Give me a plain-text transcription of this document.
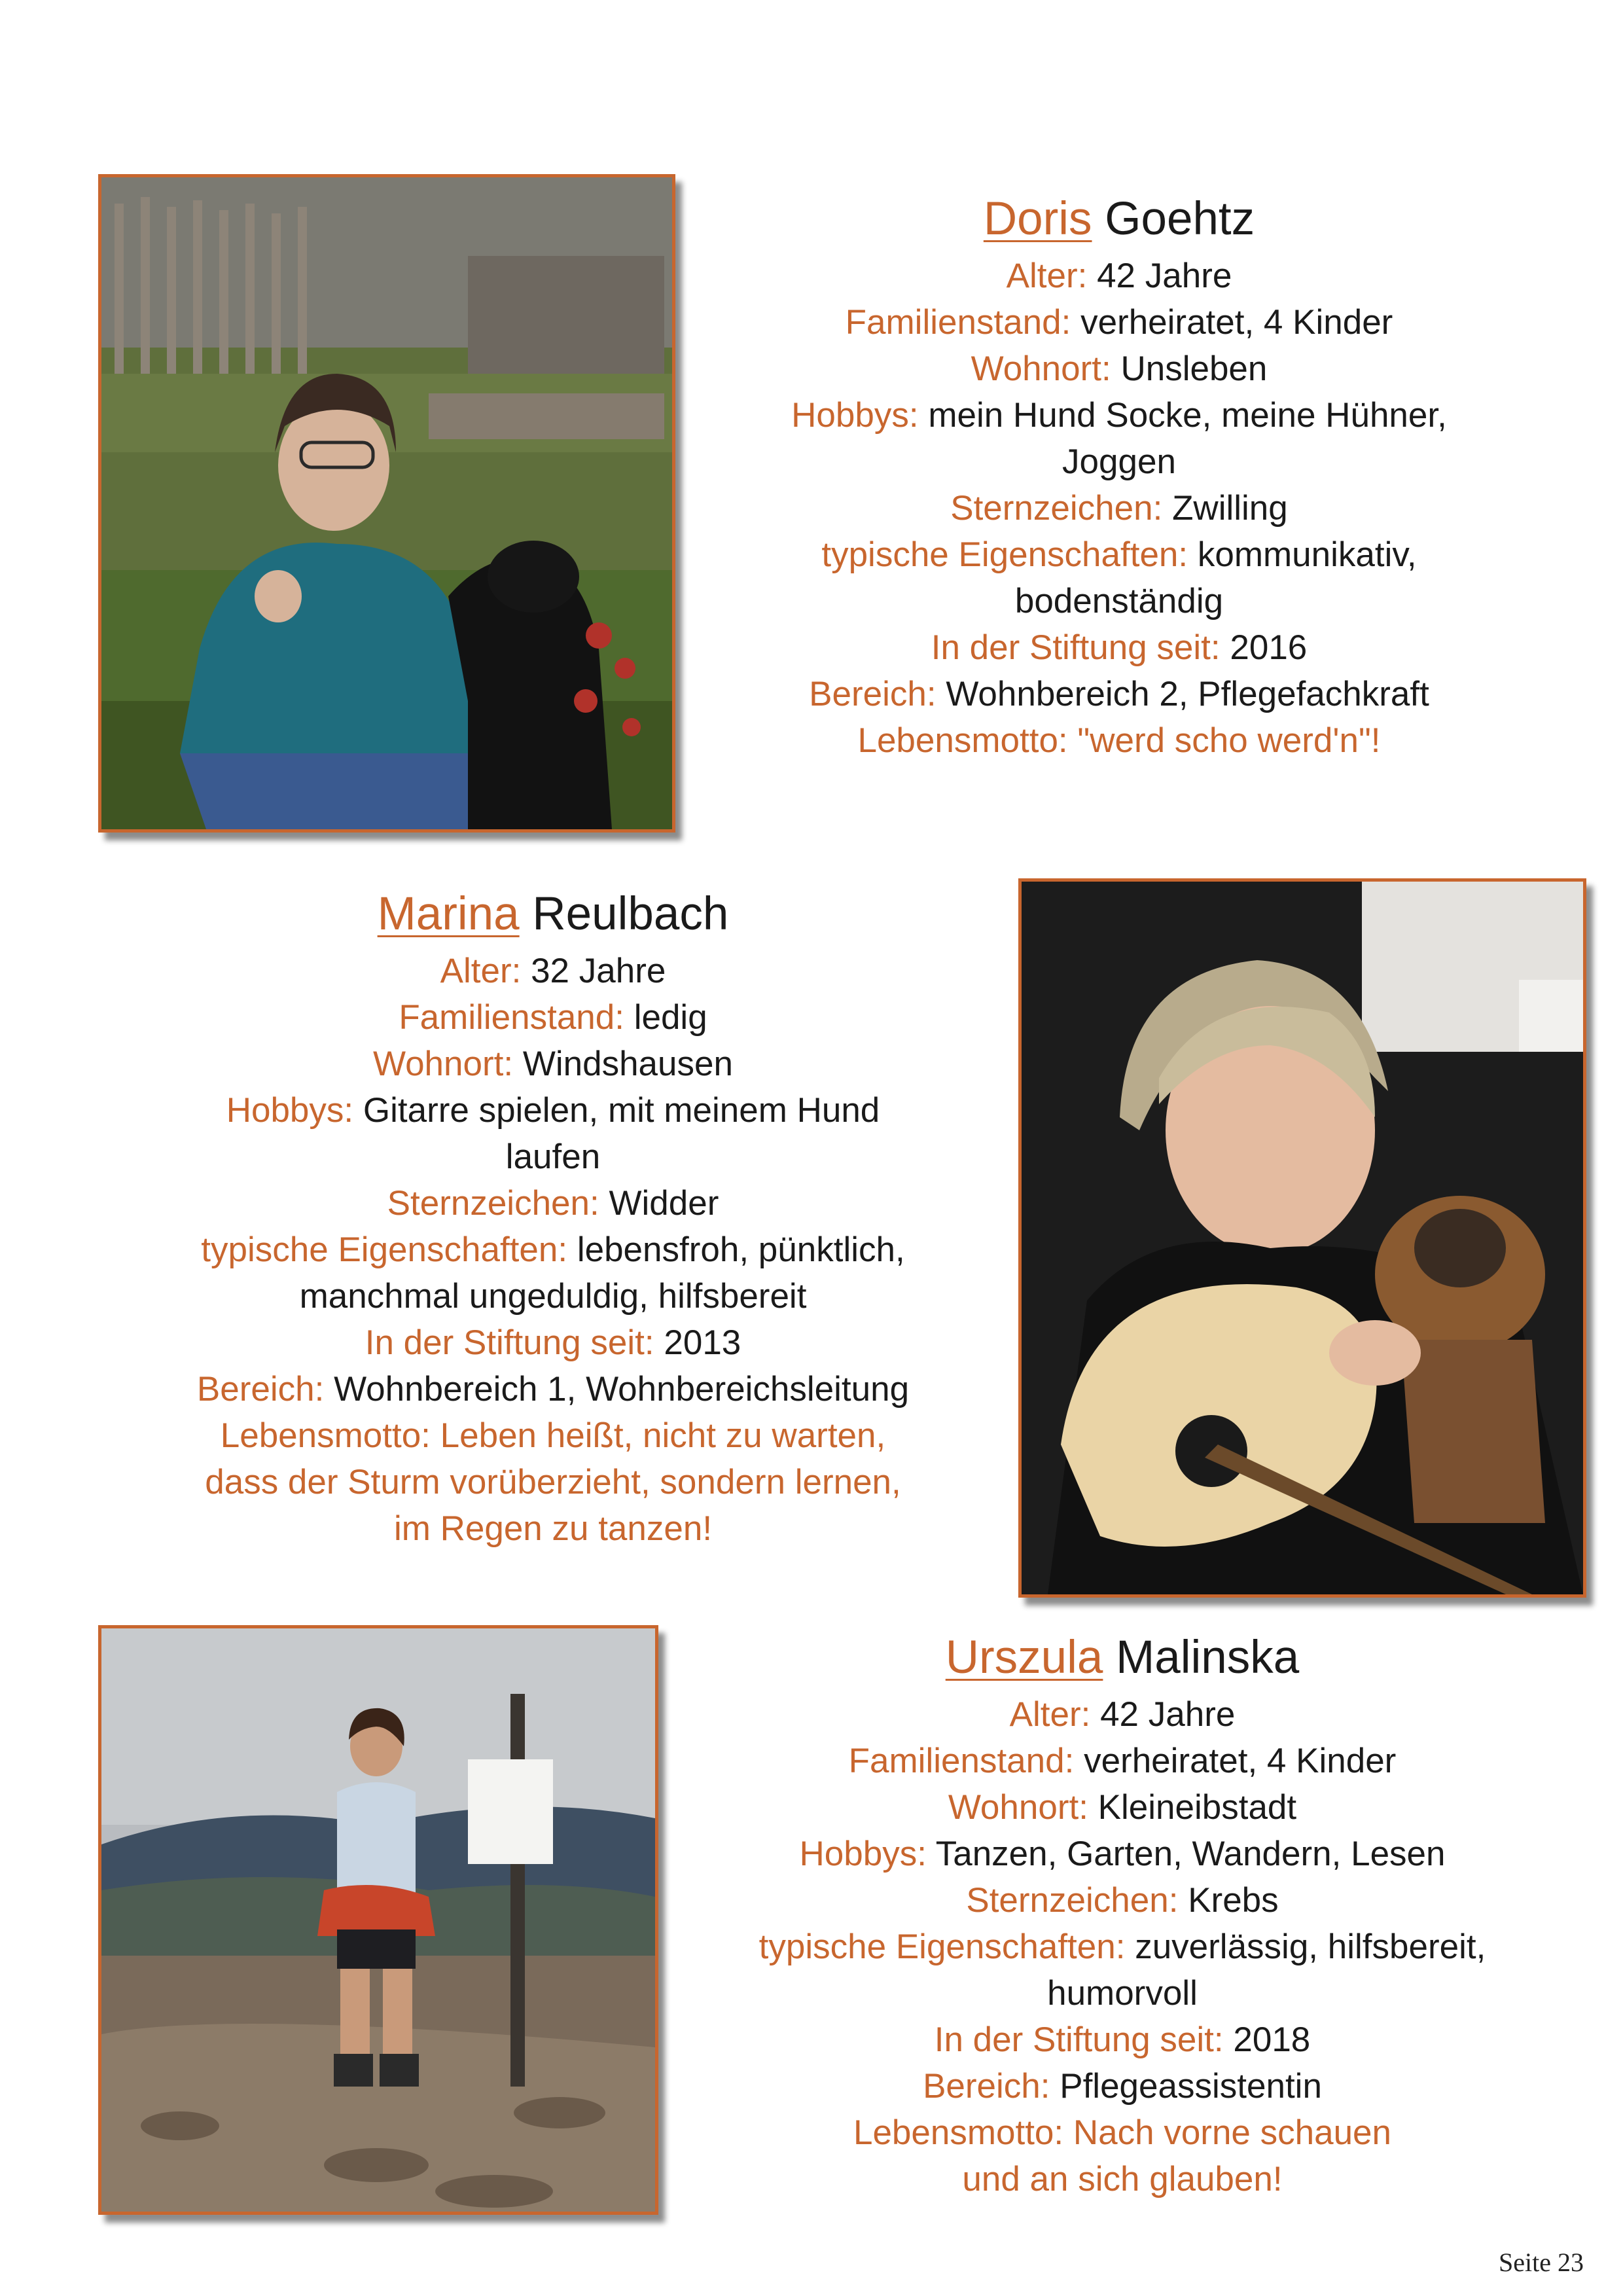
Doris Goehtz
Alter: 42 Jahre
Familienstand: verheiratet, 4 Kinder
Wohnort: Unsleben
Hobbys: mein Hund Socke, meine Hühner,
Joggen
Sternzeichen: Zwilling
typische Eigenschaften: kommunikativ,
bodenständig
In der Stiftung seit: 2016
Bereich: Wohnbereich 2, Pflegefachkraft
Lebensmotto: "werd scho werd'n"!
Marina Reulbach
Alter: 32 Jahre
Familienstand: ledig
Wohnort: Windshausen
Hobbys: Gitarre spielen, mit meinem Hund
laufen
Sternzeichen: Widder
typische Eigenschaften: lebensfroh, pünktlich,
manchmal ungeduldig, hilfsbereit
In der Stiftung seit: 2013
Bereich: Wohnbereich 1, Wohnbereichsleitung
Lebensmotto: Leben heißt, nicht zu warten,
dass der Sturm vorüberzieht, sondern lernen,
im Regen zu tanzen!
Urszula Malinska
Alter: 42 Jahre
Familienstand: verheiratet, 4 Kinder
Wohnort: Kleineibstadt
Hobbys: Tanzen, Garten, Wandern, Lesen
Sternzeichen: Krebs
typische Eigenschaften: zuverlässig, hilfsbereit,
humorvoll
In der Stiftung seit: 2018
Bereich: Pflegeassistentin
Lebensmotto: Nach vorne schauen
und an sich glauben!
Seite 23
